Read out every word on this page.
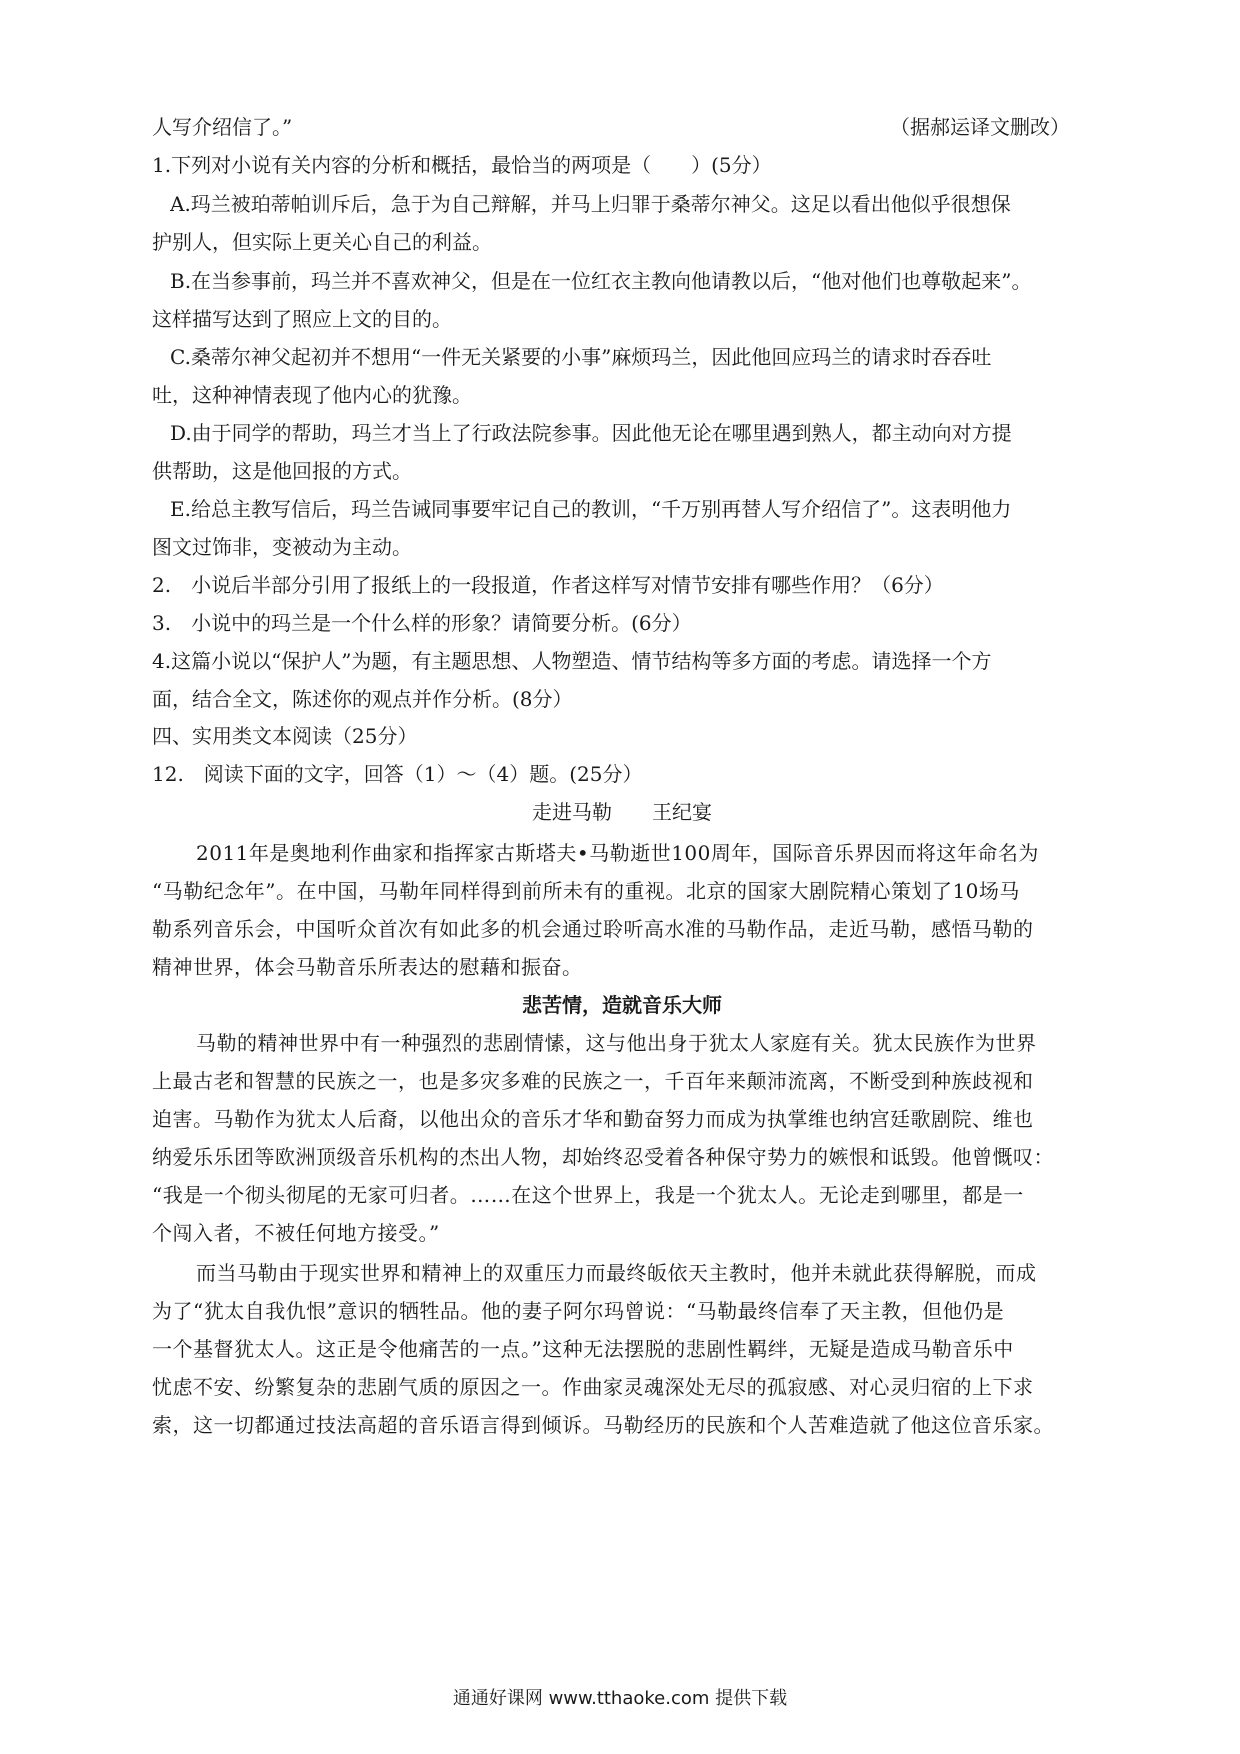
人写介绍信了。”	（据郝运译文删改）
1.下列对小说有关内容的分析和概括，最恰当的两项是（　　）(5分）
A.玛兰被珀蒂帕训斥后，急于为自己辩解，并马上归罪于桑蒂尔神父。这足以看出他似乎很想保
护别人，但实际上更关心自己的利益。
B.在当参事前，玛兰并不喜欢神父，但是在一位红衣主教向他请教以后，“他对他们也尊敬起来”。
这样描写达到了照应上文的目的。
C.桑蒂尔神父起初并不想用“一件无关紧要的小事”麻烦玛兰，因此他回应玛兰的请求时吞吞吐
吐，这种神情表现了他内心的犹豫。
D.由于同学的帮助，玛兰才当上了行政法院参事。因此他无论在哪里遇到熟人，都主动向对方提
供帮助，这是他回报的方式。
E.给总主教写信后，玛兰告诫同事要牢记自己的教训，“千万别再替人写介绍信了”。这表明他力
图文过饰非，变被动为主动。
2.　小说后半部分引用了报纸上的一段报道，作者这样写对情节安排有哪些作用？（6分）
3.　小说中的玛兰是一个什么样的形象？请简要分析。(6分）
4.这篇小说以“保护人”为题，有主题思想、人物塑造、情节结构等多方面的考虑。请选择一个方
面，结合全文，陈述你的观点并作分析。(8分）
四、实用类文本阅读（25分）
12.　阅读下面的文字，回答（1）～（4）题。(25分）
走进马勒　　王纪宴
2011年是奥地利作曲家和指挥家古斯塔夫•马勒逝世100周年，国际音乐界因而将这年命名为
“马勒纪念年”。在中国，马勒年同样得到前所未有的重视。北京的国家大剧院精心策划了10场马
勒系列音乐会，中国听众首次有如此多的机会通过聆听高水准的马勒作品，走近马勒，感悟马勒的
精神世界，体会马勒音乐所表达的慰藉和振奋。
悲苦情，造就音乐大师
马勒的精神世界中有一种强烈的悲剧情愫，这与他出身于犹太人家庭有关。犹太民族作为世界
上最古老和智慧的民族之一，也是多灾多难的民族之一，千百年来颠沛流离，不断受到种族歧视和
迫害。马勒作为犹太人后裔，以他出众的音乐才华和勤奋努力而成为执掌维也纳宫廷歌剧院、维也
纳爱乐乐团等欧洲顶级音乐机构的杰出人物，却始终忍受着各种保守势力的嫉恨和诋毁。他曾慨叹：
“我是一个彻头彻尾的无家可归者。……在这个世界上，我是一个犹太人。无论走到哪里，都是一
个闯入者，不被任何地方接受。”
而当马勒由于现实世界和精神上的双重压力而最终皈依天主教时，他并未就此获得解脱，而成
为了“犹太自我仇恨”意识的牺牲品。他的妻子阿尔玛曾说：“马勒最终信奉了天主教，但他仍是
一个基督犹太人。这正是令他痛苦的一点。”这种无法摆脱的悲剧性羁绊，无疑是造成马勒音乐中
忧虑不安、纷繁复杂的悲剧气质的原因之一。作曲家灵魂深处无尽的孤寂感、对心灵归宿的上下求
索，这一切都通过技法高超的音乐语言得到倾诉。马勒经历的民族和个人苦难造就了他这位音乐家。
通通好课网 www.tthaoke.com 提供下载
